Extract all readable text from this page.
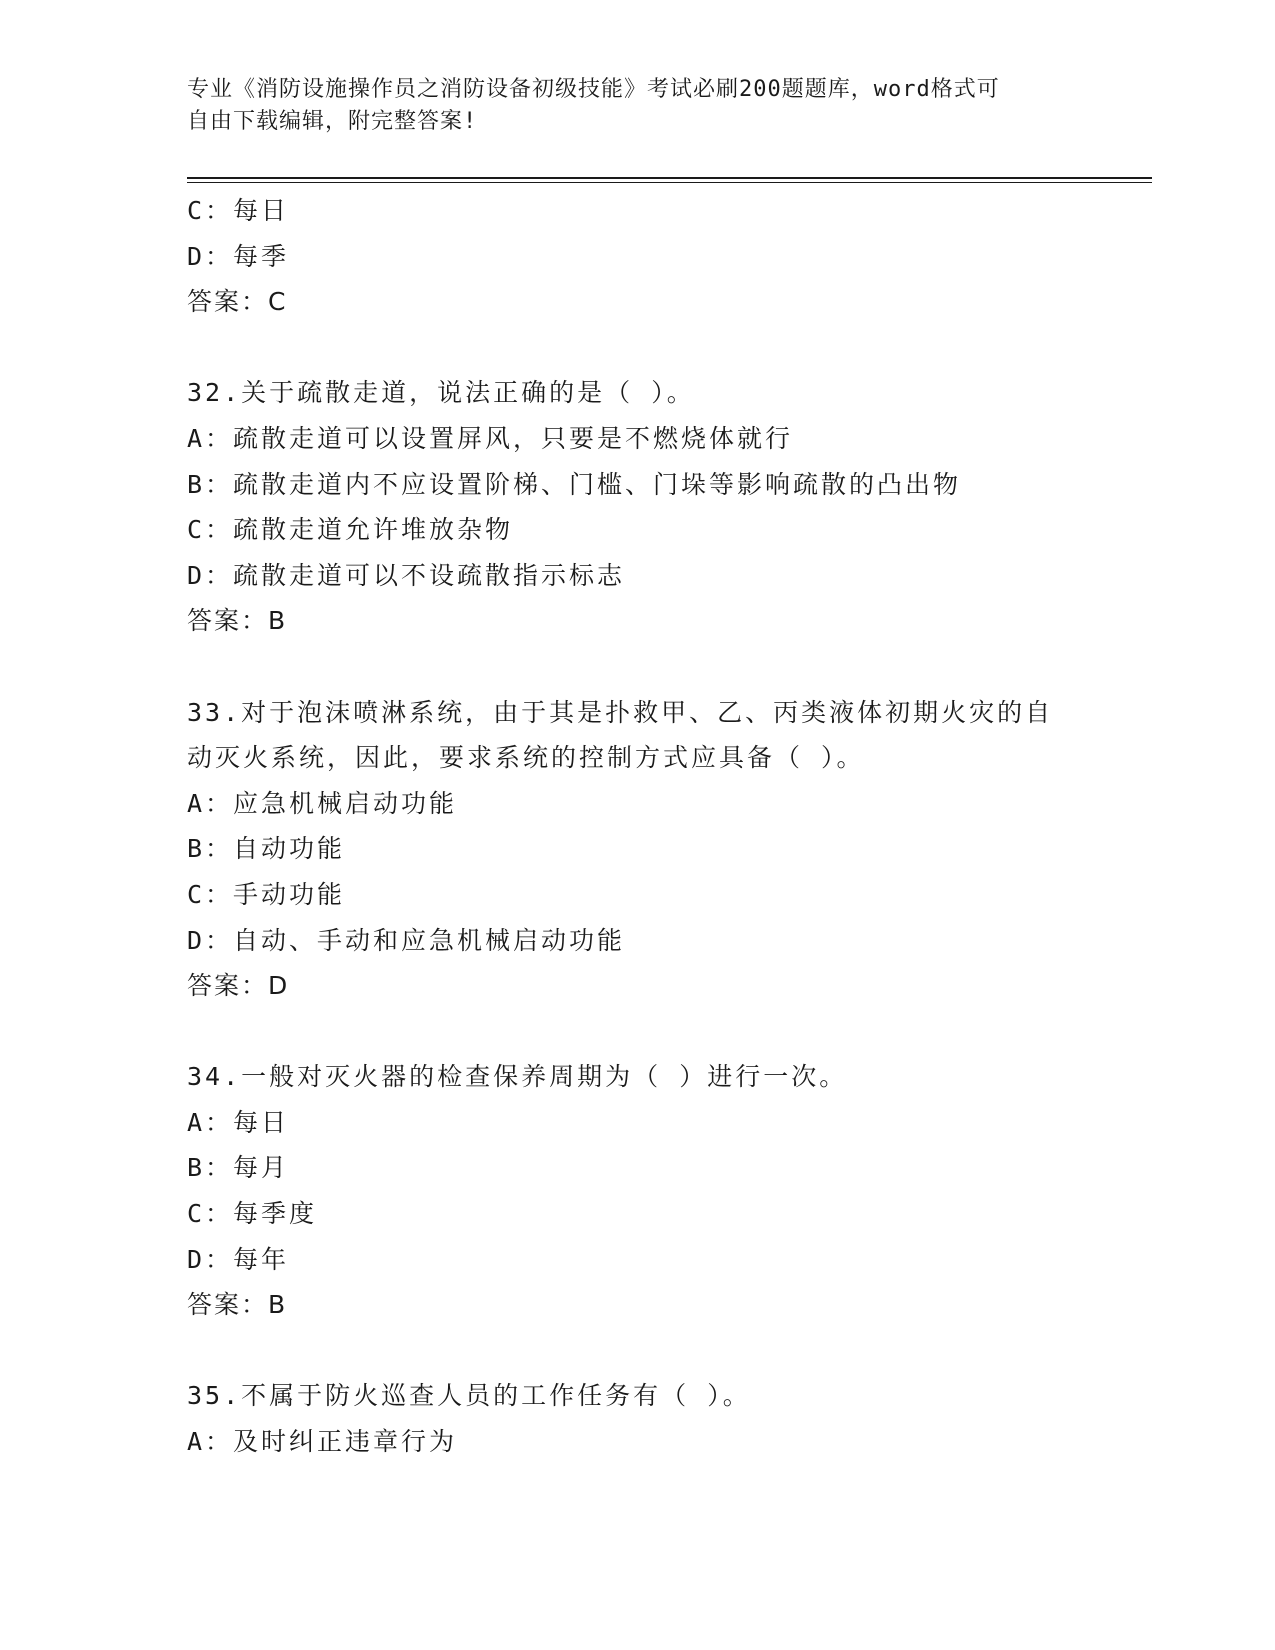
专业《消防设施操作员之消防设备初级技能》考试必刷200题题库，word格式可
自由下载编辑，附完整答案!
C：每日
D：每季
答案：C
32.关于疏散走道，说法正确的是（ ）。
A：疏散走道可以设置屏风，只要是不燃烧体就行
B：疏散走道内不应设置阶梯、门槛、门垛等影响疏散的凸出物
C：疏散走道允许堆放杂物
D：疏散走道可以不设疏散指示标志
答案：B
33.对于泡沫喷淋系统，由于其是扑救甲、乙、丙类液体初期火灾的自
动灭火系统，因此，要求系统的控制方式应具备（ ）。
A：应急机械启动功能
B：自动功能
C：手动功能
D：自动、手动和应急机械启动功能
答案：D
34.一般对灭火器的检查保养周期为（ ）进行一次。
A：每日
B：每月
C：每季度
D：每年
答案：B
35.不属于防火巡查人员的工作任务有（ ）。
A：及时纠正违章行为
